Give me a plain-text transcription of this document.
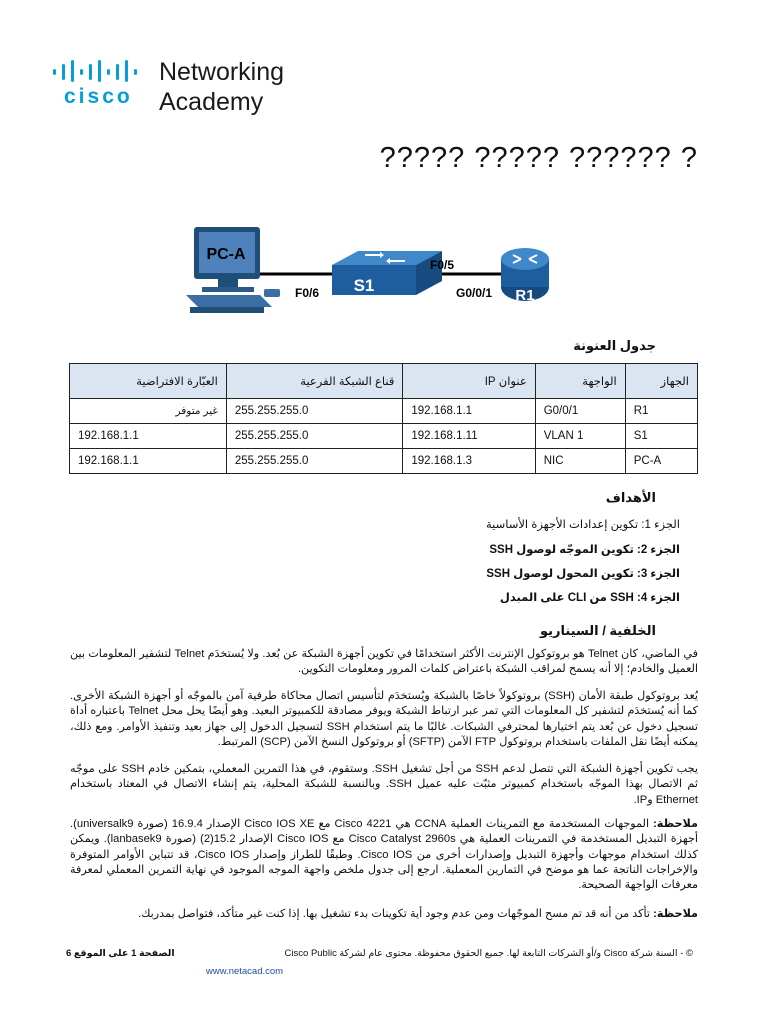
cisco
Networking
Academy
????? ????? ?????? ?
PC-A
S1
R1
F0/6
F0/5
G0/0/1
جدول العنونة
الجهاز	الواجهة	عنوان IP	قناع الشبكة الفرعية	العبّارة الافتراضية
R1	G0/0/1	192.168.1.1	255.255.255.0	غير متوفر
S1	VLAN 1	192.168.1.11	255.255.255.0	192.168.1.1
PC-A	NIC	192.168.1.3	255.255.255.0	192.168.1.1
الأهداف
الجزء 1: تكوين إعدادات الأجهزة الأساسية
الجزء 2: تكوين الموجّه لوصول SSH
الجزء 3: تكوين المحول لوصول SSH
الجزء 4: SSH من CLI على المبدل
الخلفية / السيناريو
في الماضي، كان Telnet هو بروتوكول الإنترنت الأكثر استخدامًا في تكوين أجهزة الشبكة عن بُعد. ولا يُستخدَم Telnet لتشفير المعلومات بين العميل والخادم؛ إلا أنه يسمح لمراقب الشبكة باعتراض كلمات المرور ومعلومات التكوين.
يُعد بروتوكول طبقة الأمان (SSH) بروتوكولاً خاصًا بالشبكة ويُستخدَم لتأسيس اتصال محاكاة طرفية آمن بالموجّه أو أجهزة الشبكة الأخرى. كما أنه يُستخدَم لتشفير كل المعلومات التي تمر عبر ارتباط الشبكة ويوفر مصادقة للكمبيوتر البعيد. وهو أيضًا يحل محل Telnet باعتباره أداة تسجيل دخول عن بُعد يتم اختيارها لمحترفي الشبكات. غالبًا ما يتم استخدام SSH لتسجيل الدخول إلى جهاز بعيد وتنفيذ الأوامر. ومع ذلك، يمكنه أيضًا نقل الملفات باستخدام بروتوكول FTP الآمن (SFTP) أو بروتوكول النسخ الآمن (SCP) المرتبط.
يجب تكوين أجهزة الشبكة التي تتصل لدعم SSH من أجل تشغيل SSH. وستقوم، في هذا التمرين المعملي، بتمكين خادم SSH على موجّه ثم الاتصال بهذا الموجّه باستخدام كمبيوتر مثبّت عليه عميل SSH. وبالنسبة للشبكة المحلية، يتم إنشاء الاتصال في المعتاد باستخدام Ethernet وIP.
ملاحظة: الموجهات المستخدمة مع التمرينات العملية CCNA هي Cisco 4221 مع Cisco IOS XE الإصدار 16.9.4 (صورة universalk9). أجهزة التبديل المستخدمة في التمرينات العملية هي Cisco Catalyst 2960s مع Cisco IOS الإصدار 15.2(2) (صورة lanbasek9). ويمكن كذلك استخدام موجهات وأجهزة التبديل وإصدارات أخرى من Cisco IOS. وطبقًا للطراز وإصدار Cisco IOS، قد تتباين الأوامر المتوفرة والإخراجات الناتجة عما هو موضح في التمارين المعملية. ارجع إلى جدول ملخص واجهة الموجه الموجود في نهاية التمرين المعملي لمعرفة معرفات الواجهة الصحيحة.
ملاحظة: تأكد من أنه قد تم مسح الموجّهات ومن عدم وجود أية تكوينات بدء تشغيل بها. إذا كنت غير متأكد، فتواصل بمدربك.
© - السنة شركة Cisco و/أو الشركات التابعة لها. جميع الحقوق محفوظة. محتوى عام لشركة Cisco Public
الصفحة 1 على الموقع 6
www.netacad.com
